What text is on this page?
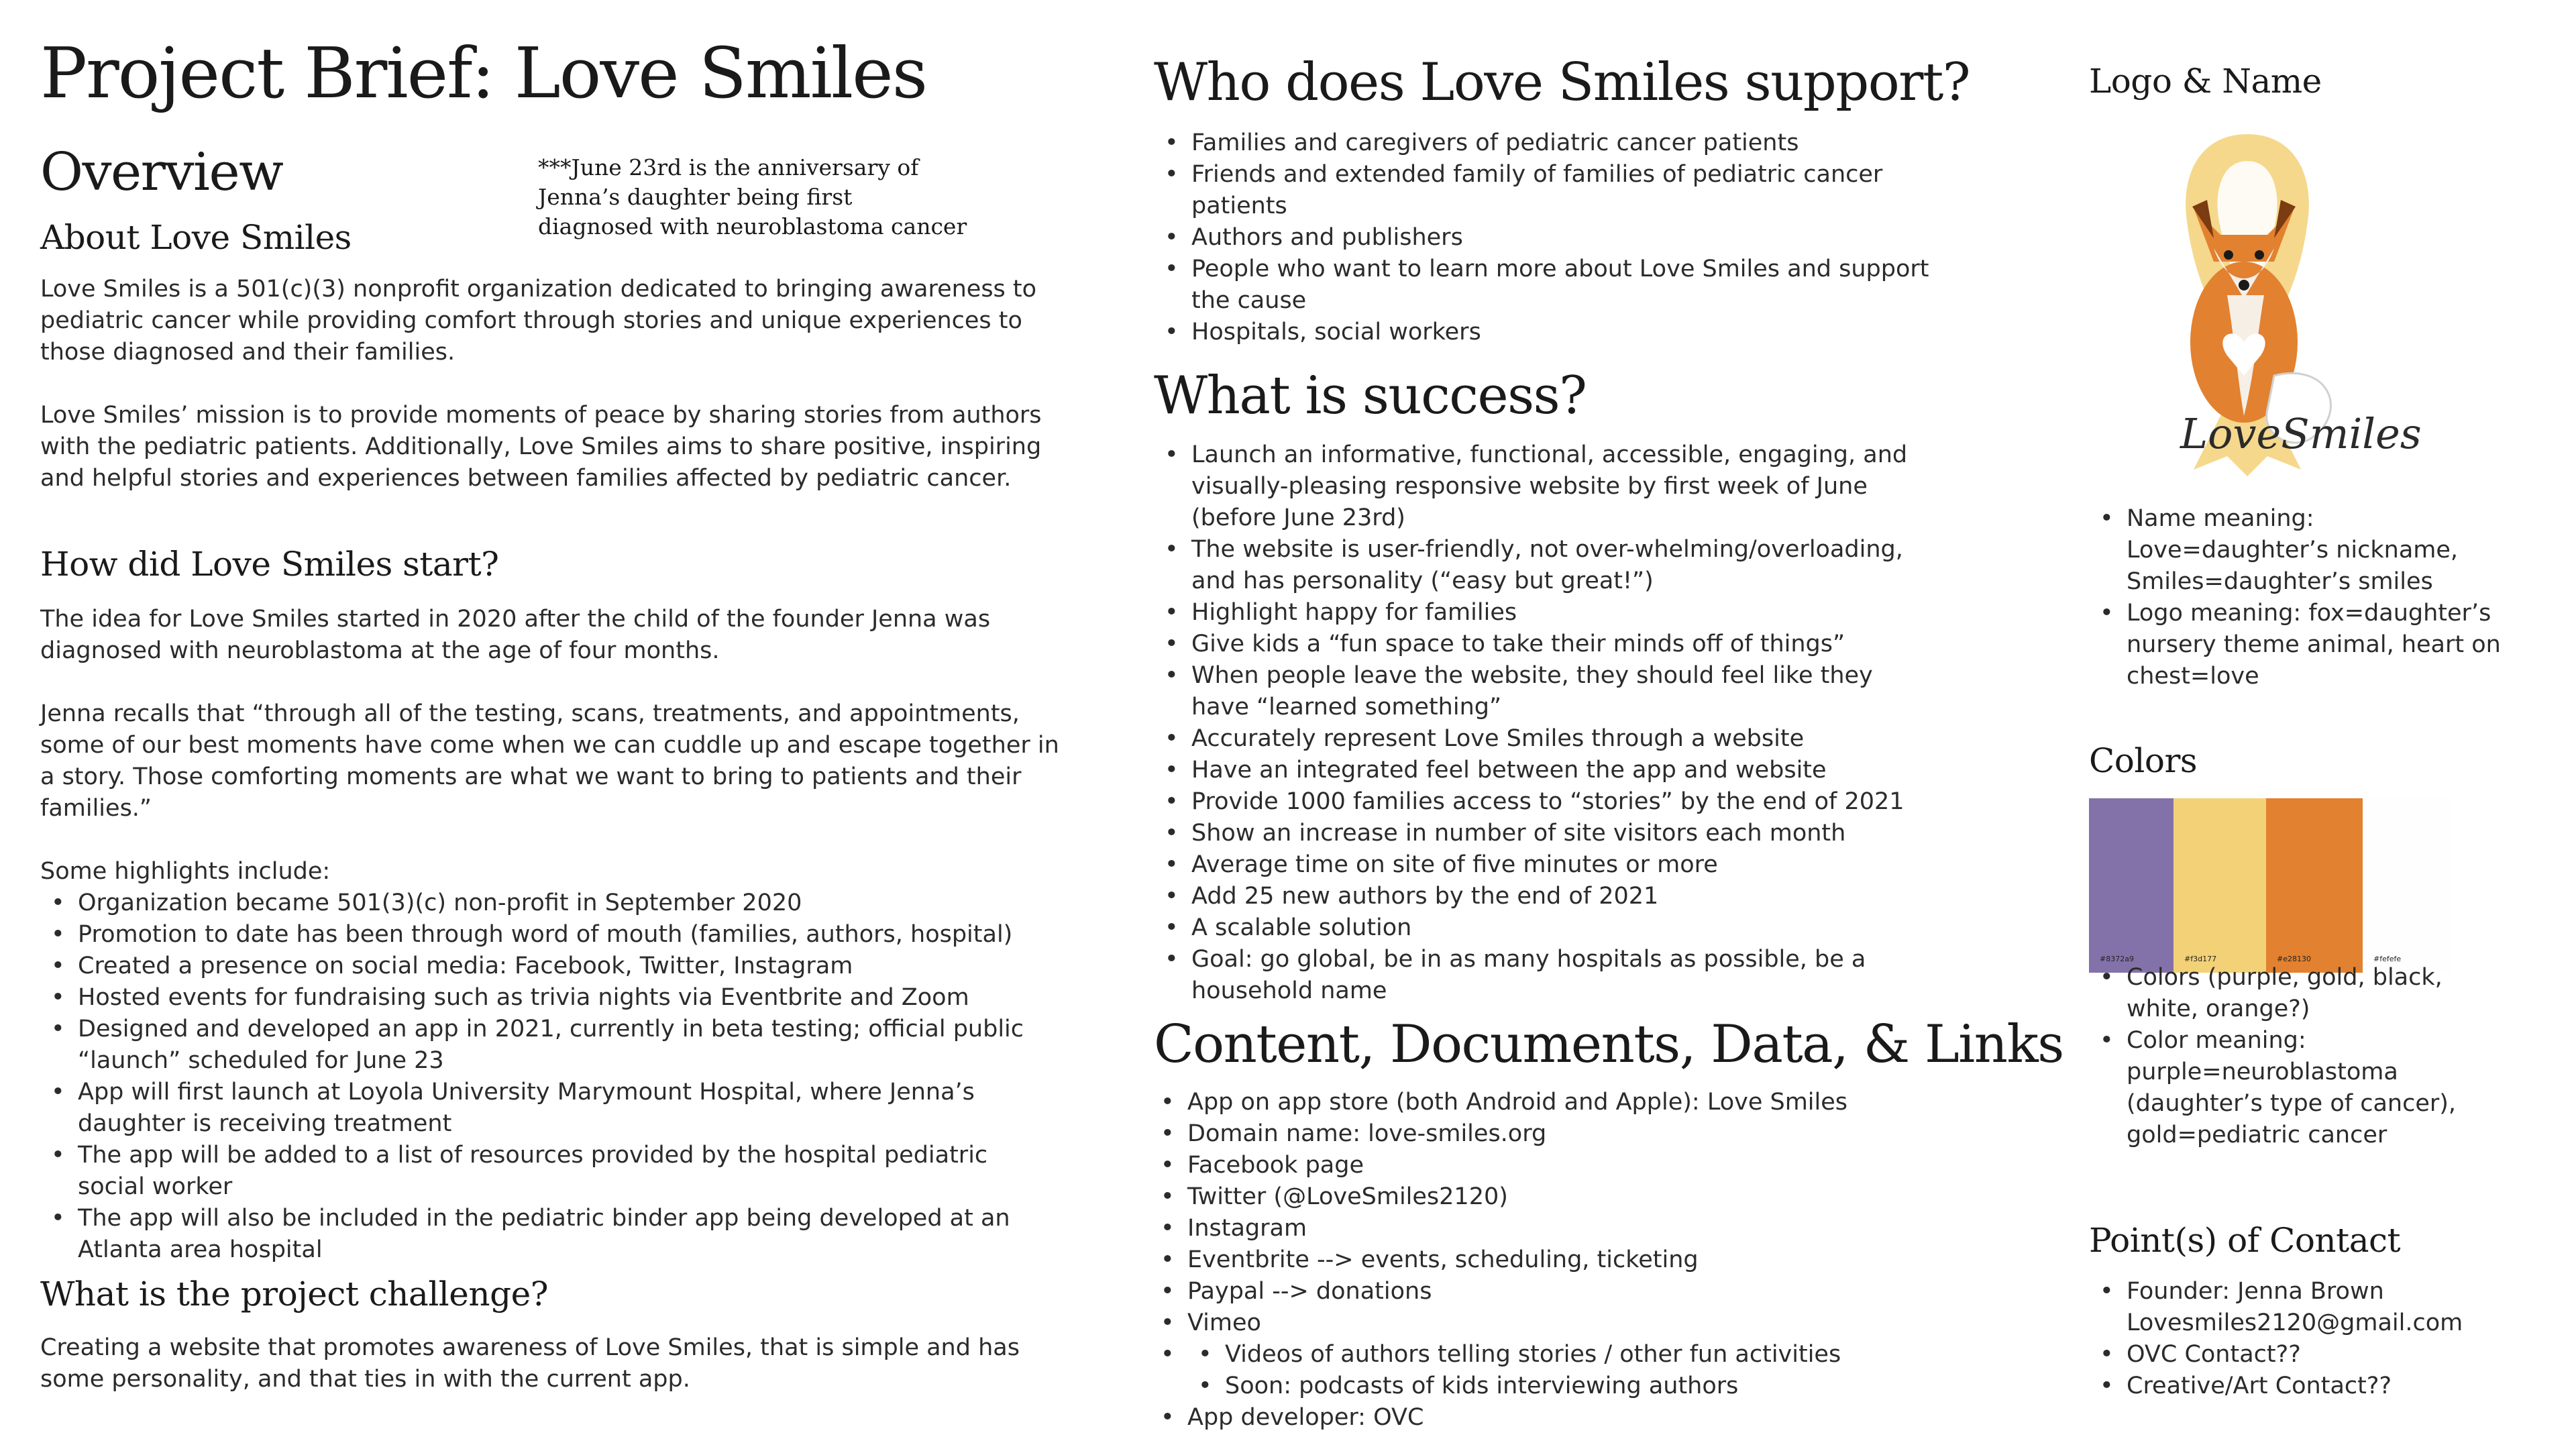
Project Brief: Love Smiles
Overview	***June 23rd is the anniversary of Jenna’s daughter being first diagnosed with neuroblastoma cancer
About Love Smiles

Love Smiles is a 501(c)(3) nonprofit organization dedicated to bringing awareness to pediatric cancer while providing comfort through stories and unique experiences to those diagnosed and their families.

Love Smiles’ mission is to provide moments of peace by sharing stories from authors with the pediatric patients. Additionally, Love Smiles aims to share positive, inspiring and helpful stories and experiences between families affected by pediatric cancer.

How did Love Smiles start?

The idea for Love Smiles started in 2020 after the child of the founder Jenna was diagnosed with neuroblastoma at the age of four months.

Jenna recalls that “through all of the testing, scans, treatments, and appointments, some of our best moments have come when we can cuddle up and escape together in a story. Those comforting moments are what we want to bring to patients and their families.”

Some highlights include:

• Organization became 501(3)(c) non-profit in September 2020
• Promotion to date has been through word of mouth (families, authors, hospital)
• Created a presence on social media: Facebook, Twitter, Instagram
• Hosted events for fundraising such as trivia nights via Eventbrite and Zoom
• Designed and developed an app in 2021, currently in beta testing; official public “launch” scheduled for June 23
• App will first launch at Loyola University Marymount Hospital, where Jenna’s daughter is receiving treatment
• The app will be added to a list of resources provided by the hospital pediatric social worker
• The app will also be included in the pediatric binder app being developed at an Atlanta area hospital
What is the project challenge?

Creating a website that promotes awareness of Love Smiles, that is simple and has some personality, and that ties in with the current app.

Who does Love Smiles support?
• Families and caregivers of pediatric cancer patients
• Friends and extended family of families of pediatric cancer patients
• Authors and publishers
• People who want to learn more about Love Smiles and support the cause
• Hospitals, social workers
What is success?
• Launch an informative, functional, accessible, engaging, and visually-pleasing responsive website by first week of June (before June 23rd)
• The website is user-friendly, not over-whelming/overloading, and has personality (“easy but great!”)
• Highlight happy for families
• Give kids a “fun space to take their minds off of things”
• When people leave the website, they should feel like they have “learned something”
• Accurately represent Love Smiles through a website
• Have an integrated feel between the app and website
• Provide 1000 families access to “stories” by the end of 2021
• Show an increase in number of site visitors each month
• Average time on site of five minutes or more
• Add 25 new authors by the end of 2021
• A scalable solution
• Goal: go global, be in as many hospitals as possible, be a household name
Content, Documents, Data, & Links
• App on app store (both Android and Apple): Love Smiles
• Domain name: love-smiles.org
• Facebook page
• Twitter (@LoveSmiles2120)
• Instagram
• Eventbrite --> events, scheduling, ticketing
• Paypal --> donations
• Vimeo
• • Videos of authors telling stories / other fun activities
• Soon: podcasts of kids interviewing authors
• App developer: OVC
Logo & Name
LoveSmiles
• Name meaning: Love=daughter’s nickname, Smiles=daughter’s smiles
• Logo meaning: fox=daughter’s nursery theme animal, heart on chest=love
Colors
#8372a9	#f3d177	#e28130	#fefefe
• Colors (purple, gold, black, white, orange?)
• Color meaning: purple=neuroblastoma (daughter’s type of cancer), gold=pediatric cancer
Point(s) of Contact
• Founder: Jenna Brown Lovesmiles2120@gmail.com
• OVC Contact??
• Creative/Art Contact??
